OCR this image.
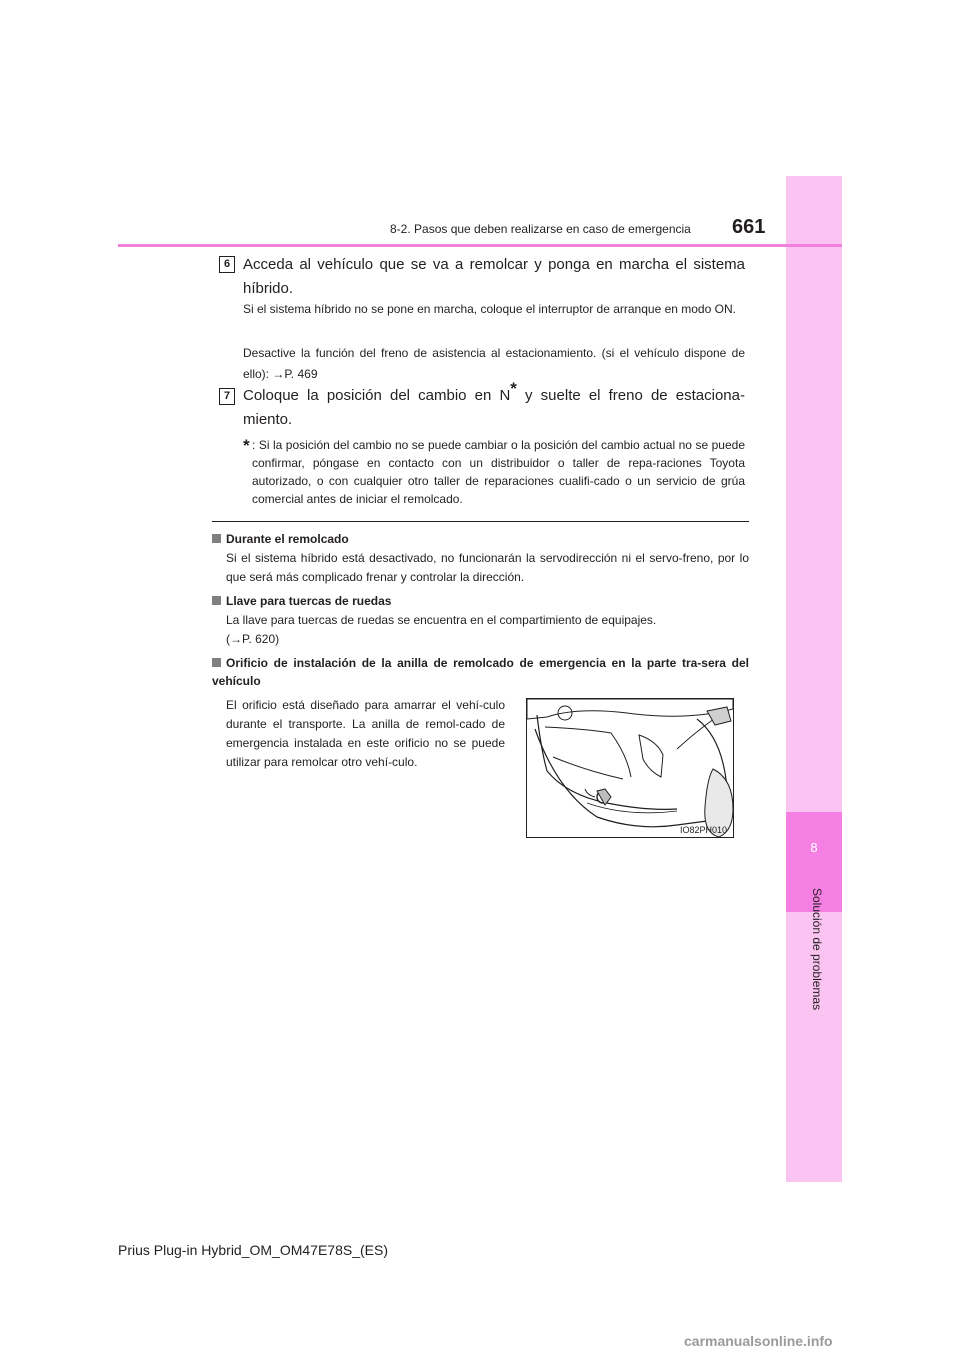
8
Solución de problemas
8-2. Pasos que deben realizarse en caso de emergencia 661
6 Acceda al vehículo que se va a remolcar y ponga en marcha el sistema híbrido.
Si el sistema híbrido no se pone en marcha, coloque el interruptor de arranque en modo ON.
Desactive la función del freno de asistencia al estacionamiento. (si el vehículo dispone de ello): →P. 469
7 Coloque la posición del cambio en N* y suelte el freno de estaciona-miento.
* : Si la posición del cambio no se puede cambiar o la posición del cambio actual no se puede confirmar, póngase en contacto con un distribuidor o taller de repa-raciones Toyota autorizado, o con cualquier otro taller de reparaciones cualifi-cado o un servicio de grúa comercial antes de iniciar el remolcado.
Durante el remolcado
Si el sistema híbrido está desactivado, no funcionarán la servodirección ni el servo-freno, por lo que será más complicado frenar y controlar la dirección.
Llave para tuercas de ruedas
La llave para tuercas de ruedas se encuentra en el compartimiento de equipajes.
(→P. 620)
Orificio de instalación de la anilla de remolcado de emergencia en la parte tra-sera del vehículo
El orificio está diseñado para amarrar el vehí-culo durante el transporte. La anilla de remol-cado de emergencia instalada en este orificio no se puede utilizar para remolcar otro vehí-culo.
IO82PH010
Prius Plug-in Hybrid_OM_OM47E78S_(ES)
carmanualsonline.info
